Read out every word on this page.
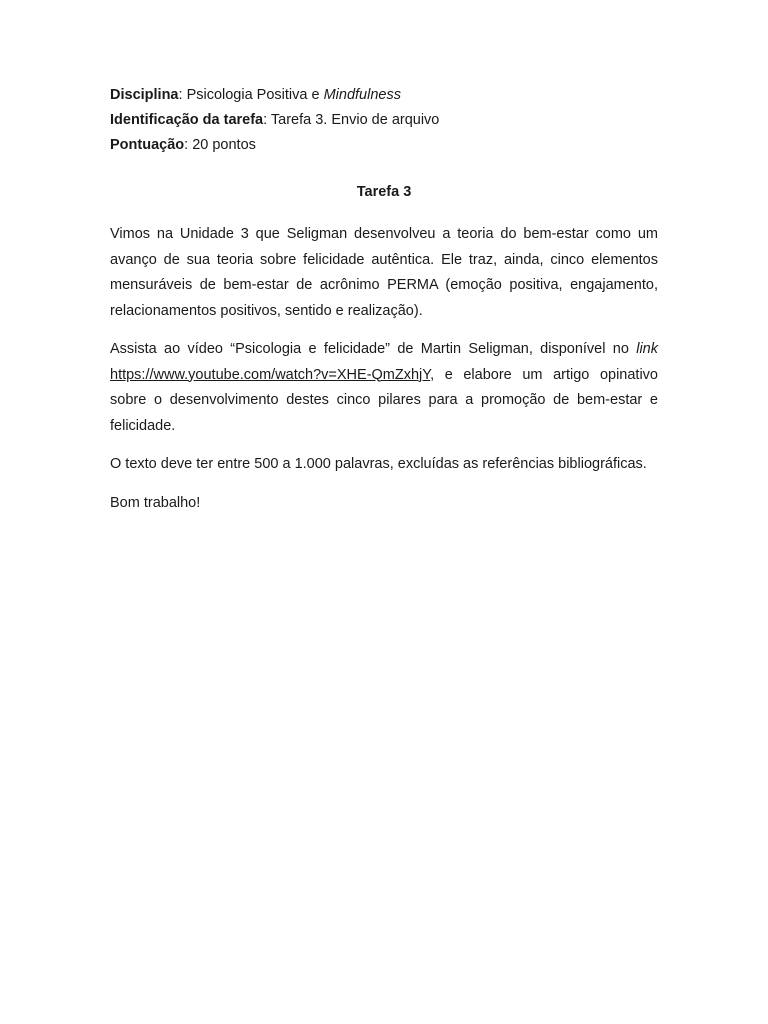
Disciplina: Psicologia Positiva e Mindfulness

Identificação da tarefa: Tarefa 3. Envio de arquivo

Pontuação: 20 pontos

Tarefa 3

Vimos na Unidade 3 que Seligman desenvolveu a teoria do bem-estar como um avanço de sua teoria sobre felicidade autêntica. Ele traz, ainda, cinco elementos mensuráveis de bem-estar de acrônimo PERMA (emoção positiva, engajamento, relacionamentos positivos, sentido e realização).

Assista ao vídeo “Psicologia e felicidade” de Martin Seligman, disponível no link https://www.youtube.com/watch?v=XHE-QmZxhjY, e elabore um artigo opinativo sobre o desenvolvimento destes cinco pilares para a promoção de bem-estar e felicidade.

O texto deve ter entre 500 a 1.000 palavras, excluídas as referências bibliográficas.

Bom trabalho!
